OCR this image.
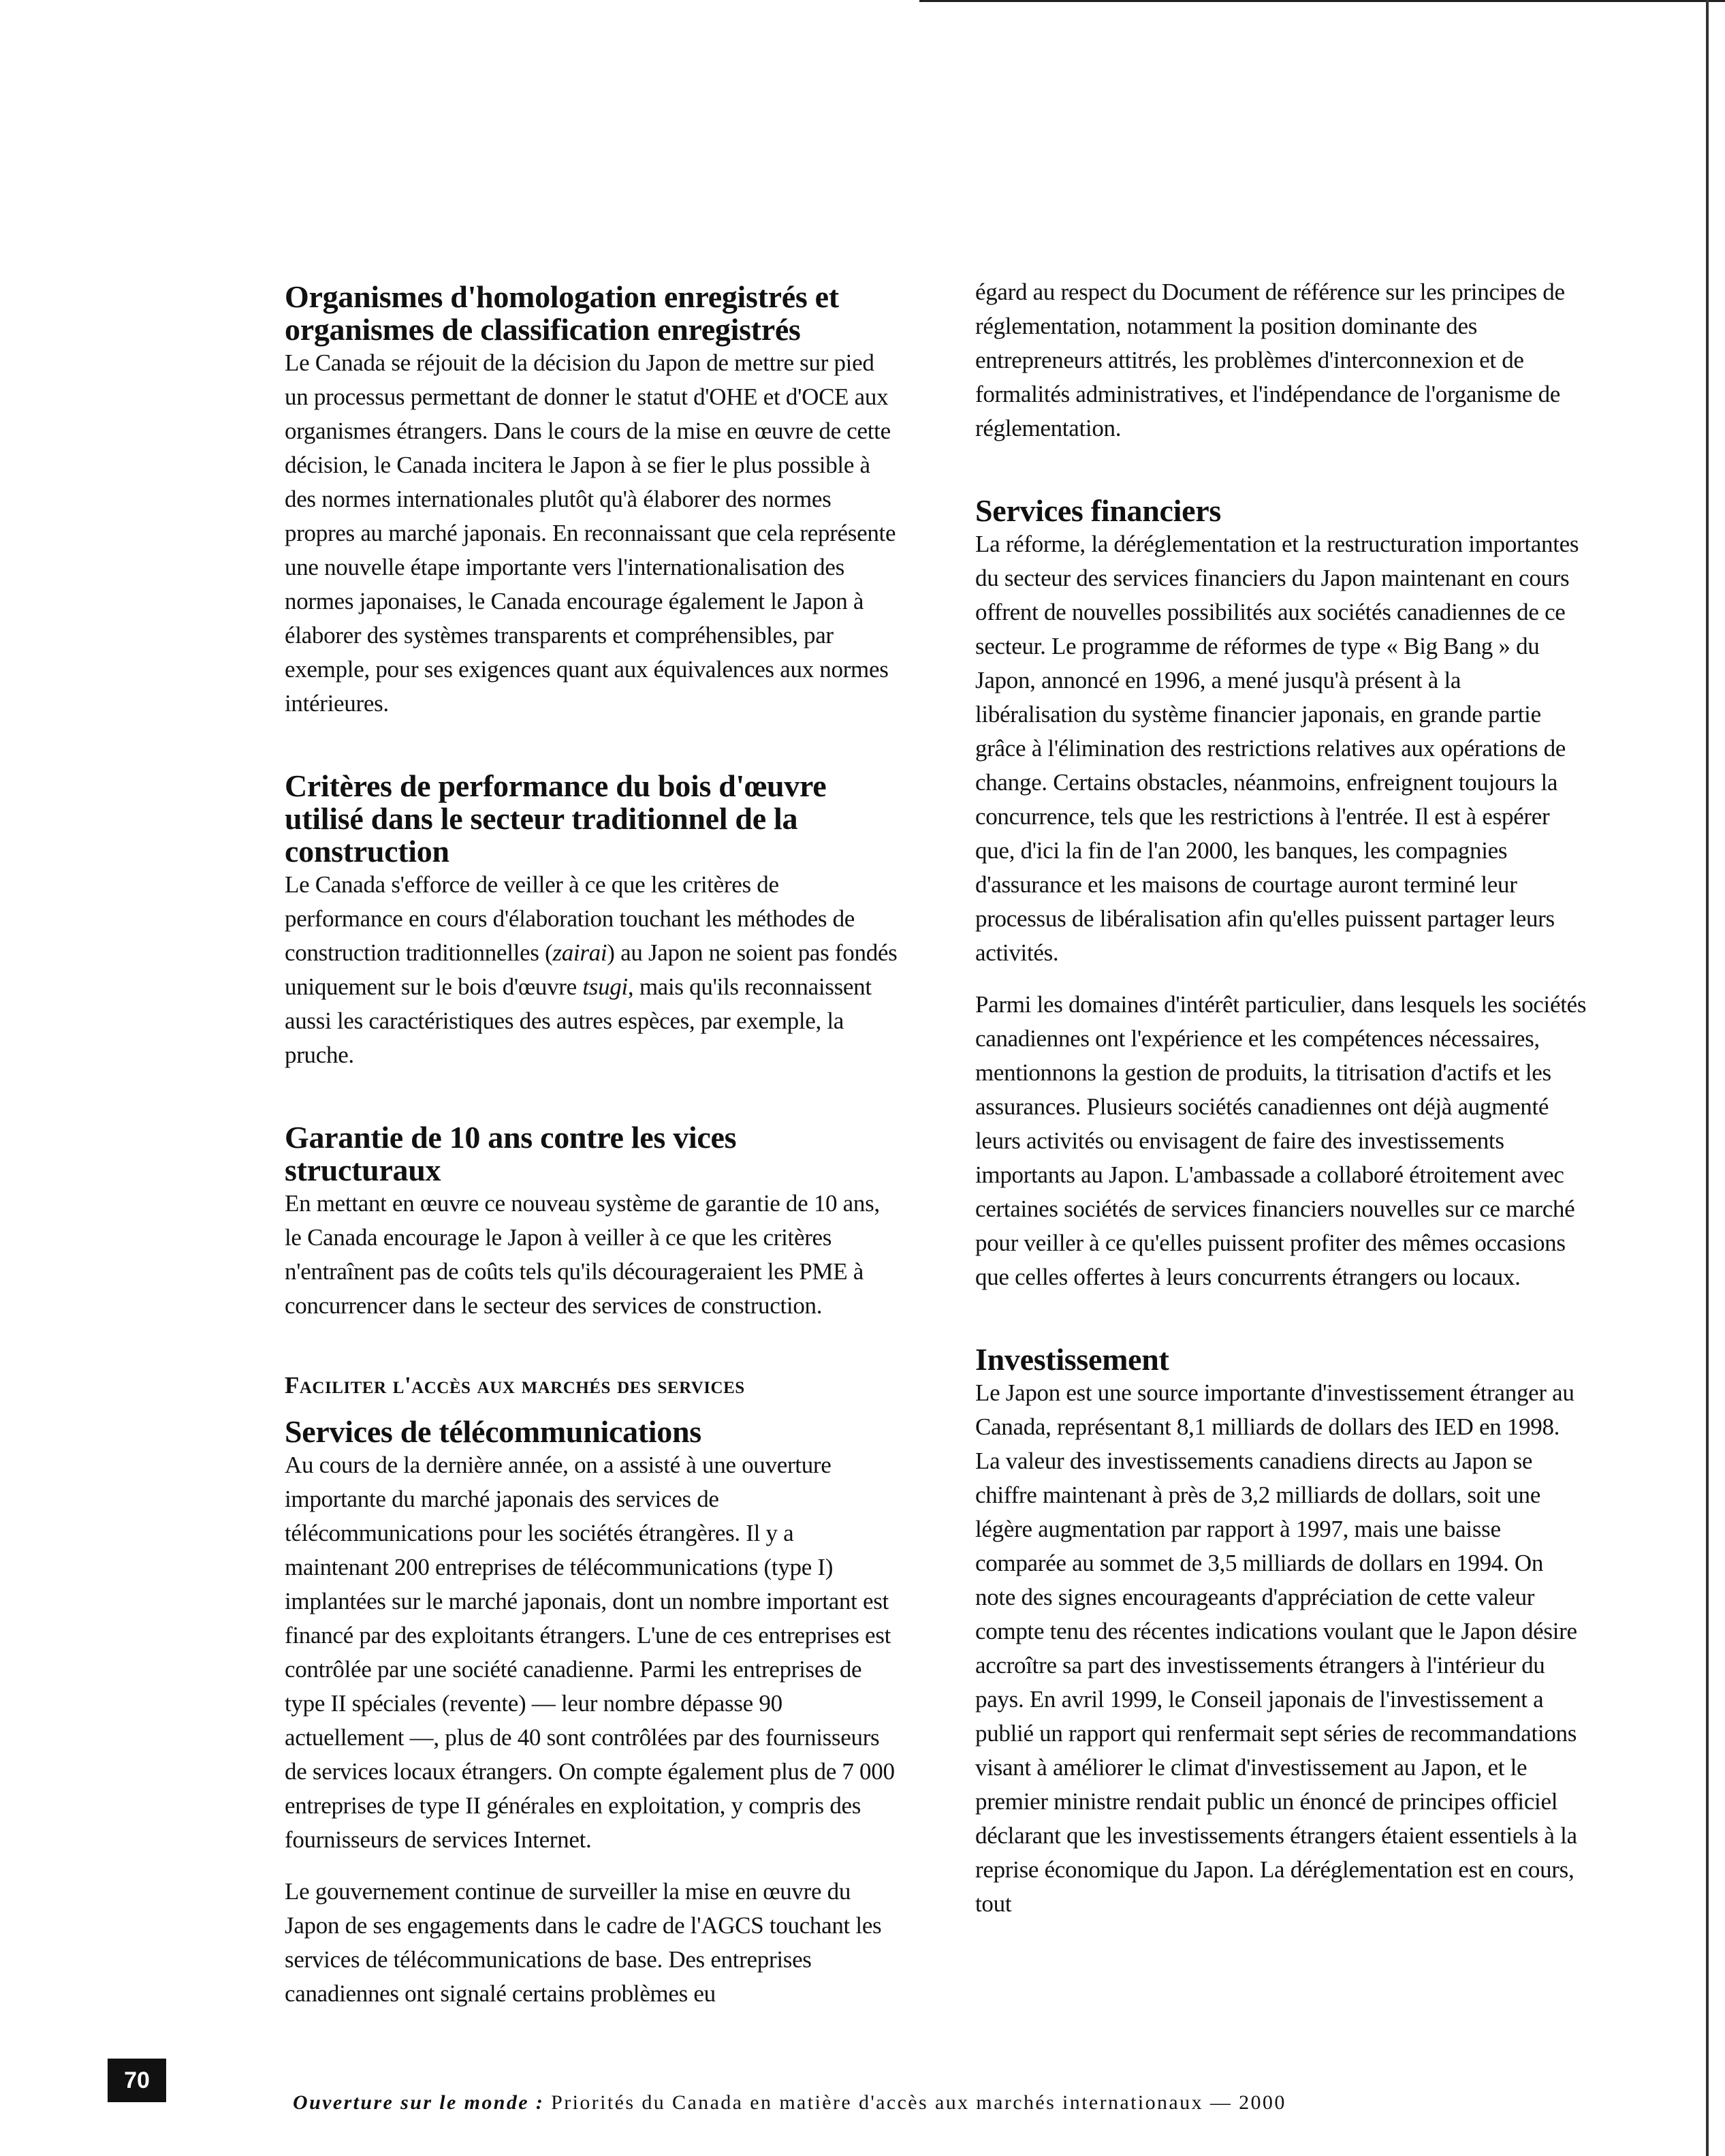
Organismes d'homologation enregistrés et organismes de classification enregistrés

Le Canada se réjouit de la décision du Japon de mettre sur pied un processus permettant de donner le statut d'OHE et d'OCE aux organismes étrangers. Dans le cours de la mise en œuvre de cette décision, le Canada incitera le Japon à se fier le plus possible à des normes internationales plutôt qu'à élaborer des normes propres au marché japonais. En reconnaissant que cela représente une nouvelle étape importante vers l'internationalisation des normes japonaises, le Canada encourage également le Japon à élaborer des systèmes transparents et compréhensibles, par exemple, pour ses exigences quant aux équivalences aux normes intérieures.

Critères de performance du bois d'œuvre utilisé dans le secteur traditionnel de la construction

Le Canada s'efforce de veiller à ce que les critères de performance en cours d'élaboration touchant les méthodes de construction traditionnelles (zairai) au Japon ne soient pas fondés uniquement sur le bois d'œuvre tsugi, mais qu'ils reconnaissent aussi les caractéristiques des autres espèces, par exemple, la pruche.

Garantie de 10 ans contre les vices structuraux

En mettant en œuvre ce nouveau système de garantie de 10 ans, le Canada encourage le Japon à veiller à ce que les critères n'entraînent pas de coûts tels qu'ils décourageraient les PME à concurrencer dans le secteur des services de construction.

Faciliter l'accès aux marchés des services
Services de télécommunications

Au cours de la dernière année, on a assisté à une ouverture importante du marché japonais des services de télécommunications pour les sociétés étrangères. Il y a maintenant 200 entreprises de télécommunications (type I) implantées sur le marché japonais, dont un nombre important est financé par des exploitants étrangers. L'une de ces entreprises est contrôlée par une société canadienne. Parmi les entreprises de type II spéciales (revente) — leur nombre dépasse 90 actuellement —, plus de 40 sont contrôlées par des fournisseurs de services locaux étrangers. On compte également plus de 7 000 entreprises de type II générales en exploitation, y compris des fournisseurs de services Internet.

Le gouvernement continue de surveiller la mise en œuvre du Japon de ses engagements dans le cadre de l'AGCS touchant les services de télécommunications de base. Des entreprises canadiennes ont signalé certains problèmes eu

égard au respect du Document de référence sur les principes de réglementation, notamment la position dominante des entrepreneurs attitrés, les problèmes d'interconnexion et de formalités administratives, et l'indépendance de l'organisme de réglementation.

Services financiers

La réforme, la déréglementation et la restructuration importantes du secteur des services financiers du Japon maintenant en cours offrent de nouvelles possibilités aux sociétés canadiennes de ce secteur. Le programme de réformes de type « Big Bang » du Japon, annoncé en 1996, a mené jusqu'à présent à la libéralisation du système financier japonais, en grande partie grâce à l'élimination des restrictions relatives aux opérations de change. Certains obstacles, néanmoins, enfreignent toujours la concurrence, tels que les restrictions à l'entrée. Il est à espérer que, d'ici la fin de l'an 2000, les banques, les compagnies d'assurance et les maisons de courtage auront terminé leur processus de libéralisation afin qu'elles puissent partager leurs activités.

Parmi les domaines d'intérêt particulier, dans lesquels les sociétés canadiennes ont l'expérience et les compétences nécessaires, mentionnons la gestion de produits, la titrisation d'actifs et les assurances. Plusieurs sociétés canadiennes ont déjà augmenté leurs activités ou envisagent de faire des investissements importants au Japon. L'ambassade a collaboré étroitement avec certaines sociétés de services financiers nouvelles sur ce marché pour veiller à ce qu'elles puissent profiter des mêmes occasions que celles offertes à leurs concurrents étrangers ou locaux.

Investissement

Le Japon est une source importante d'investissement étranger au Canada, représentant 8,1 milliards de dollars des IED en 1998. La valeur des investissements canadiens directs au Japon se chiffre maintenant à près de 3,2 milliards de dollars, soit une légère augmentation par rapport à 1997, mais une baisse comparée au sommet de 3,5 milliards de dollars en 1994. On note des signes encourageants d'appréciation de cette valeur compte tenu des récentes indications voulant que le Japon désire accroître sa part des investissements étrangers à l'intérieur du pays. En avril 1999, le Conseil japonais de l'investissement a publié un rapport qui renfermait sept séries de recommandations visant à améliorer le climat d'investissement au Japon, et le premier ministre rendait public un énoncé de principes officiel déclarant que les investissements étrangers étaient essentiels à la reprise économique du Japon. La déréglementation est en cours, tout

70
Ouverture sur le monde : Priorités du Canada en matière d'accès aux marchés internationaux — 2000
